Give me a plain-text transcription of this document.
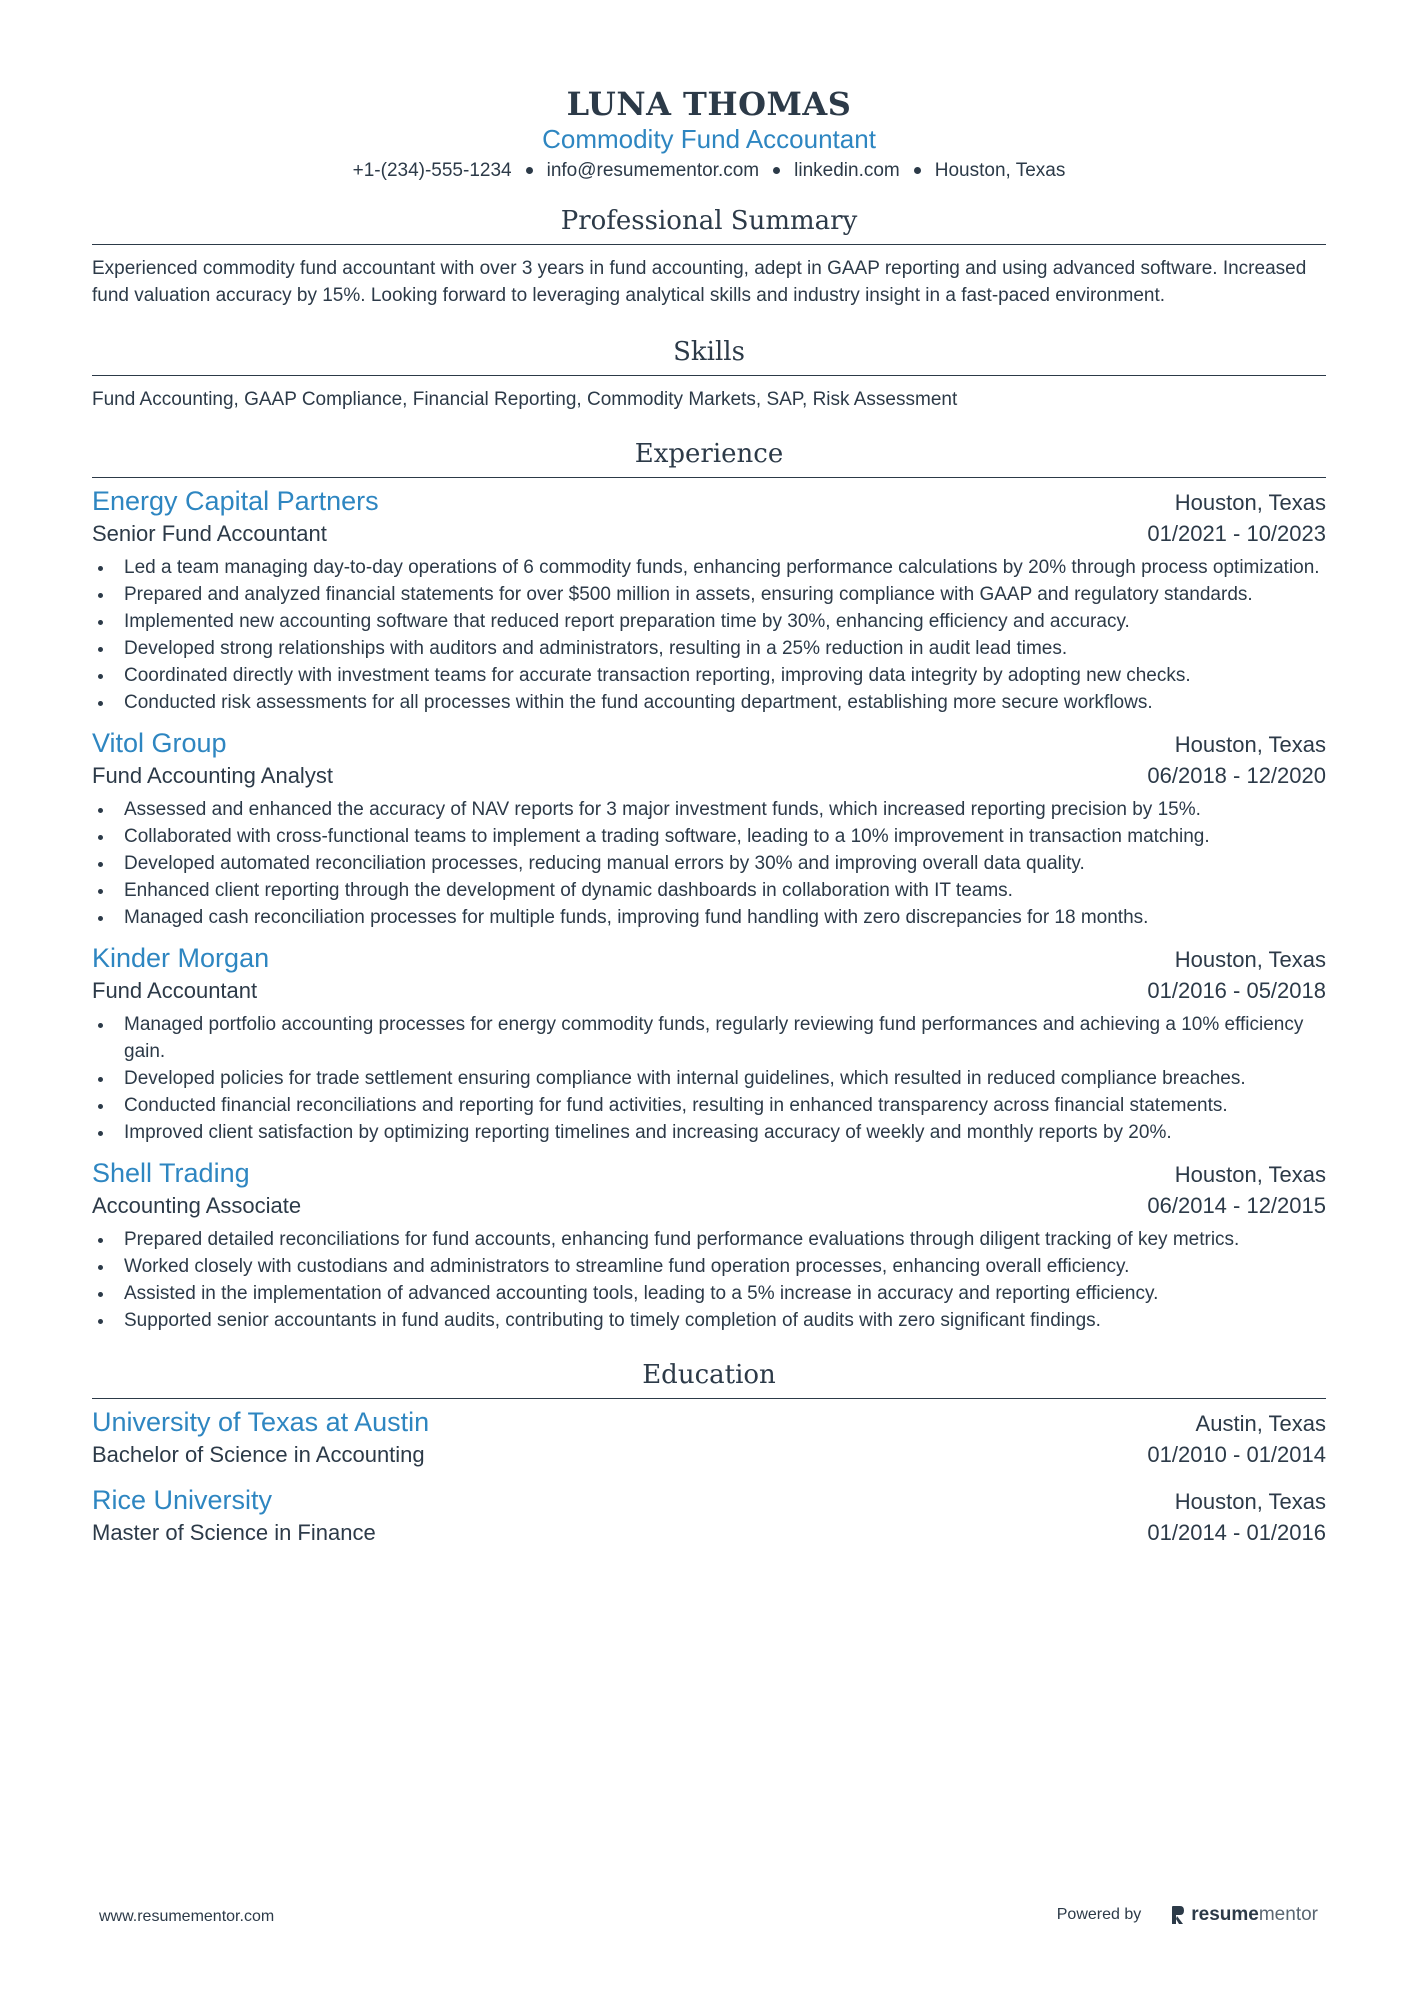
LUNA THOMAS
Commodity Fund Accountant
+1-(234)-555-1234 info@resumementor.com linkedin.com Houston, Texas
Professional Summary
Experienced commodity fund accountant with over 3 years in fund accounting, adept in GAAP reporting and using advanced software. Increased fund valuation accuracy by 15%. Looking forward to leveraging analytical skills and industry insight in a fast-paced environment.
Skills
Fund Accounting, GAAP Compliance, Financial Reporting, Commodity Markets, SAP, Risk Assessment
Experience
Energy Capital Partners	Houston, Texas
Senior Fund Accountant	01/2021 - 10/2023
Led a team managing day-to-day operations of 6 commodity funds, enhancing performance calculations by 20% through process optimization.
Prepared and analyzed financial statements for over $500 million in assets, ensuring compliance with GAAP and regulatory standards.
Implemented new accounting software that reduced report preparation time by 30%, enhancing efficiency and accuracy.
Developed strong relationships with auditors and administrators, resulting in a 25% reduction in audit lead times.
Coordinated directly with investment teams for accurate transaction reporting, improving data integrity by adopting new checks.
Conducted risk assessments for all processes within the fund accounting department, establishing more secure workflows.
Vitol Group	Houston, Texas
Fund Accounting Analyst	06/2018 - 12/2020
Assessed and enhanced the accuracy of NAV reports for 3 major investment funds, which increased reporting precision by 15%.
Collaborated with cross-functional teams to implement a trading software, leading to a 10% improvement in transaction matching.
Developed automated reconciliation processes, reducing manual errors by 30% and improving overall data quality.
Enhanced client reporting through the development of dynamic dashboards in collaboration with IT teams.
Managed cash reconciliation processes for multiple funds, improving fund handling with zero discrepancies for 18 months.
Kinder Morgan	Houston, Texas
Fund Accountant	01/2016 - 05/2018
Managed portfolio accounting processes for energy commodity funds, regularly reviewing fund performances and achieving a 10% efficiency gain.
Developed policies for trade settlement ensuring compliance with internal guidelines, which resulted in reduced compliance breaches.
Conducted financial reconciliations and reporting for fund activities, resulting in enhanced transparency across financial statements.
Improved client satisfaction by optimizing reporting timelines and increasing accuracy of weekly and monthly reports by 20%.
Shell Trading	Houston, Texas
Accounting Associate	06/2014 - 12/2015
Prepared detailed reconciliations for fund accounts, enhancing fund performance evaluations through diligent tracking of key metrics.
Worked closely with custodians and administrators to streamline fund operation processes, enhancing overall efficiency.
Assisted in the implementation of advanced accounting tools, leading to a 5% increase in accuracy and reporting efficiency.
Supported senior accountants in fund audits, contributing to timely completion of audits with zero significant findings.
Education
University of Texas at Austin	Austin, Texas
Bachelor of Science in Accounting	01/2010 - 01/2014
Rice University	Houston, Texas
Master of Science in Finance	01/2014 - 01/2016
www.resumementor.com	Powered by	resume mentor
